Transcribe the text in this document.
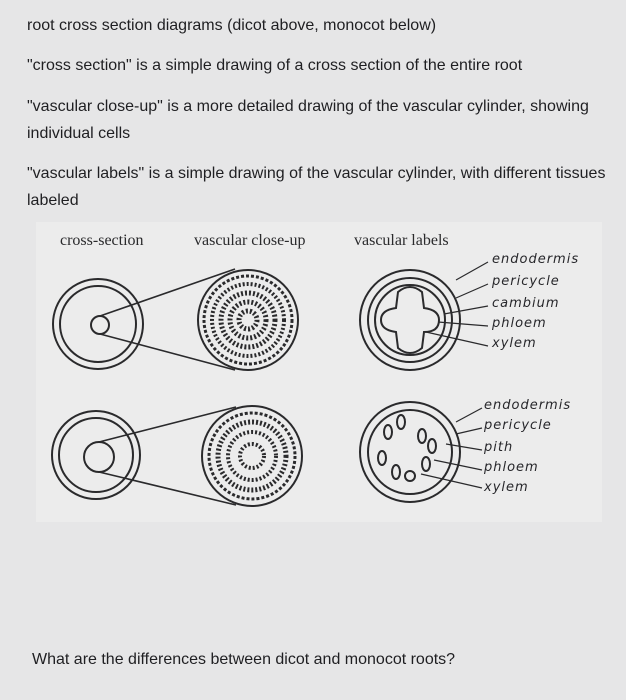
root cross section diagrams (dicot above, monocot below)

"cross section" is a simple drawing of a cross section of the entire root

"vascular close-up" is a more detailed drawing of the vascular cylinder, showing individual cells

"vascular labels" is a simple drawing of the vascular cylinder, with different tissues labeled

cross-section	vascular close-up	vascular labels
endodermis
pericycle
cambium
phloem
xylem
endodermis
pericycle
pith
phloem
xylem

What are the differences between dicot and monocot roots?
